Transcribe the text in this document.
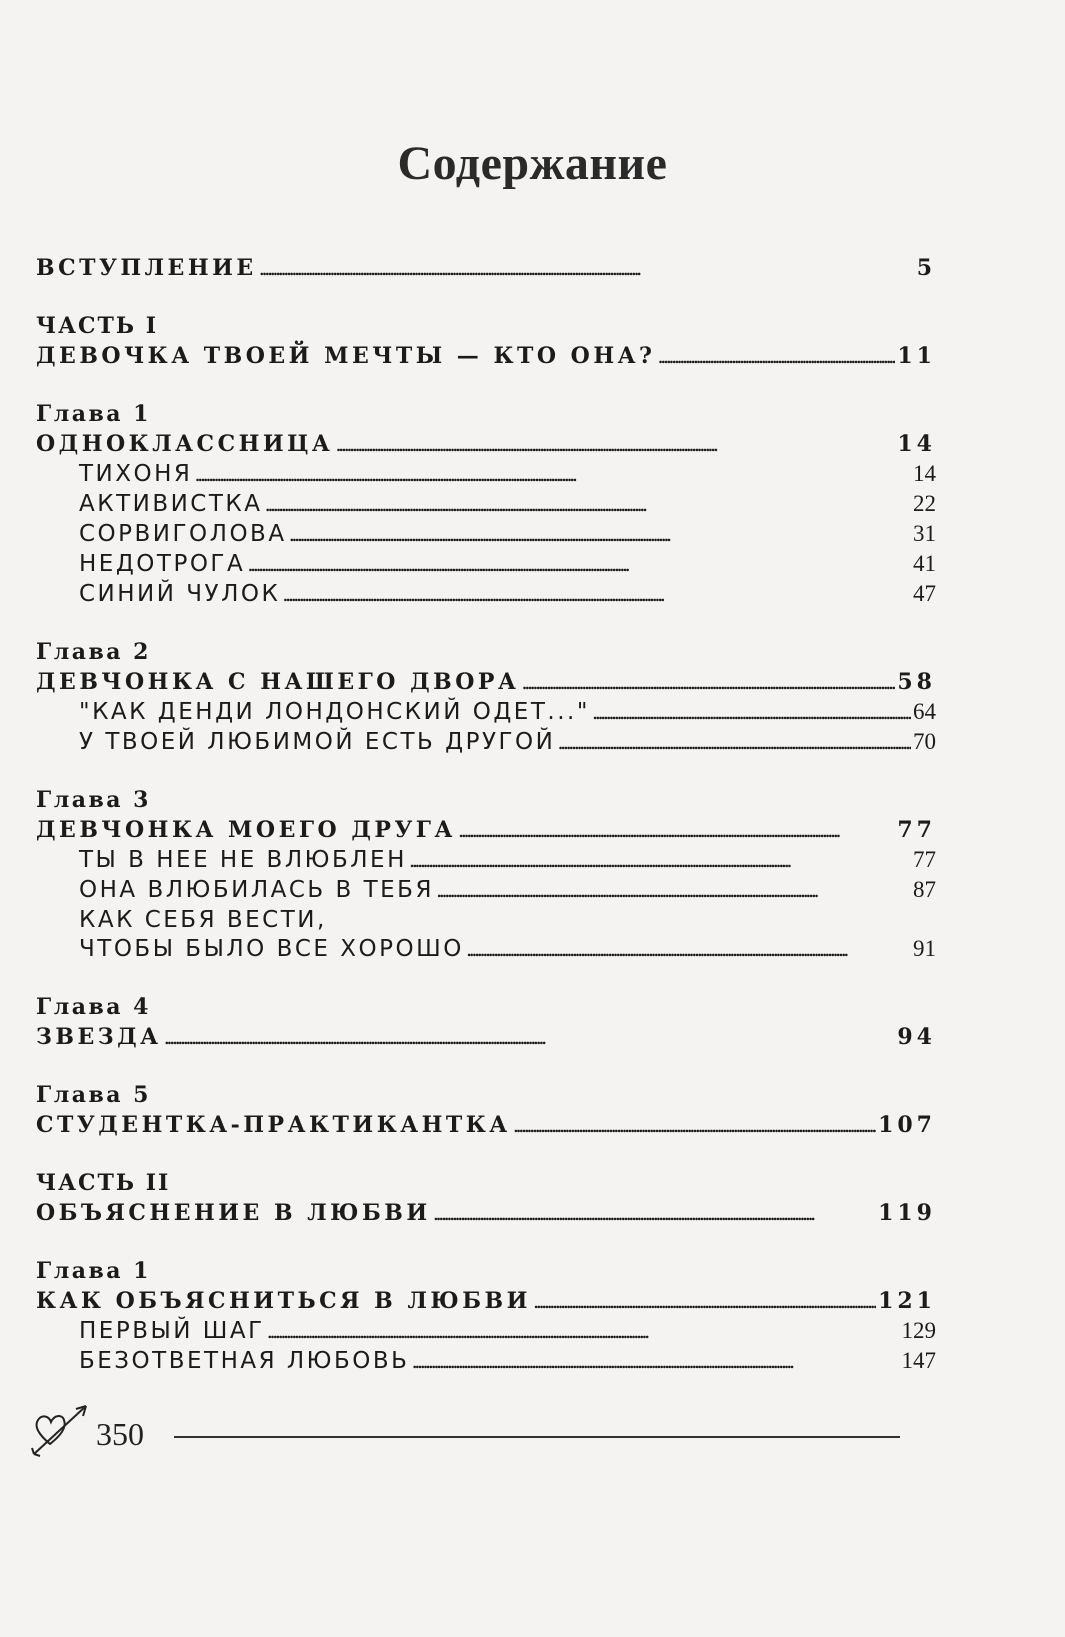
Содержание
ВСТУПЛЕНИЕ . . .	5
ЧАСТЬ I
ДЕВОЧКА ТВОЕЙ МЕЧТЫ — КТО ОНА? . . .	11
Глава 1
ОДНОКЛАССНИЦА . . .	14
ТИХОНЯ . . .	14
АКТИВИСТКА . . .	22
СОРВИГОЛОВА . . .	31
НЕДОТРОГА . . .	41
СИНИЙ ЧУЛОК . . .	47
Глава 2
ДЕВЧОНКА С НАШЕГО ДВОРА . . .	58
"КАК ДЕНДИ ЛОНДОНСКИЙ ОДЕТ..." . . .	64
У ТВОЕЙ ЛЮБИМОЙ ЕСТЬ ДРУГОЙ . . .	70
Глава 3
ДЕВЧОНКА МОЕГО ДРУГА . . .	77
ТЫ В НЕЕ НЕ ВЛЮБЛЕН . . .	77
ОНА ВЛЮБИЛАСЬ В ТЕБЯ . . .	87
КАК СЕБЯ ВЕСТИ,
ЧТОБЫ БЫЛО ВСЕ ХОРОШО . . .	91
Глава 4
ЗВЕЗДА . . .	94
Глава 5
СТУДЕНТКА-ПРАКТИКАНТКА . . .	107
ЧАСТЬ II
ОБЪЯСНЕНИЕ В ЛЮБВИ . . .	119
Глава 1
КАК ОБЪЯСНИТЬСЯ В ЛЮБВИ . . .	121
ПЕРВЫЙ ШАГ . . .	129
БЕЗОТВЕТНАЯ ЛЮБОВЬ . . .	147
350
